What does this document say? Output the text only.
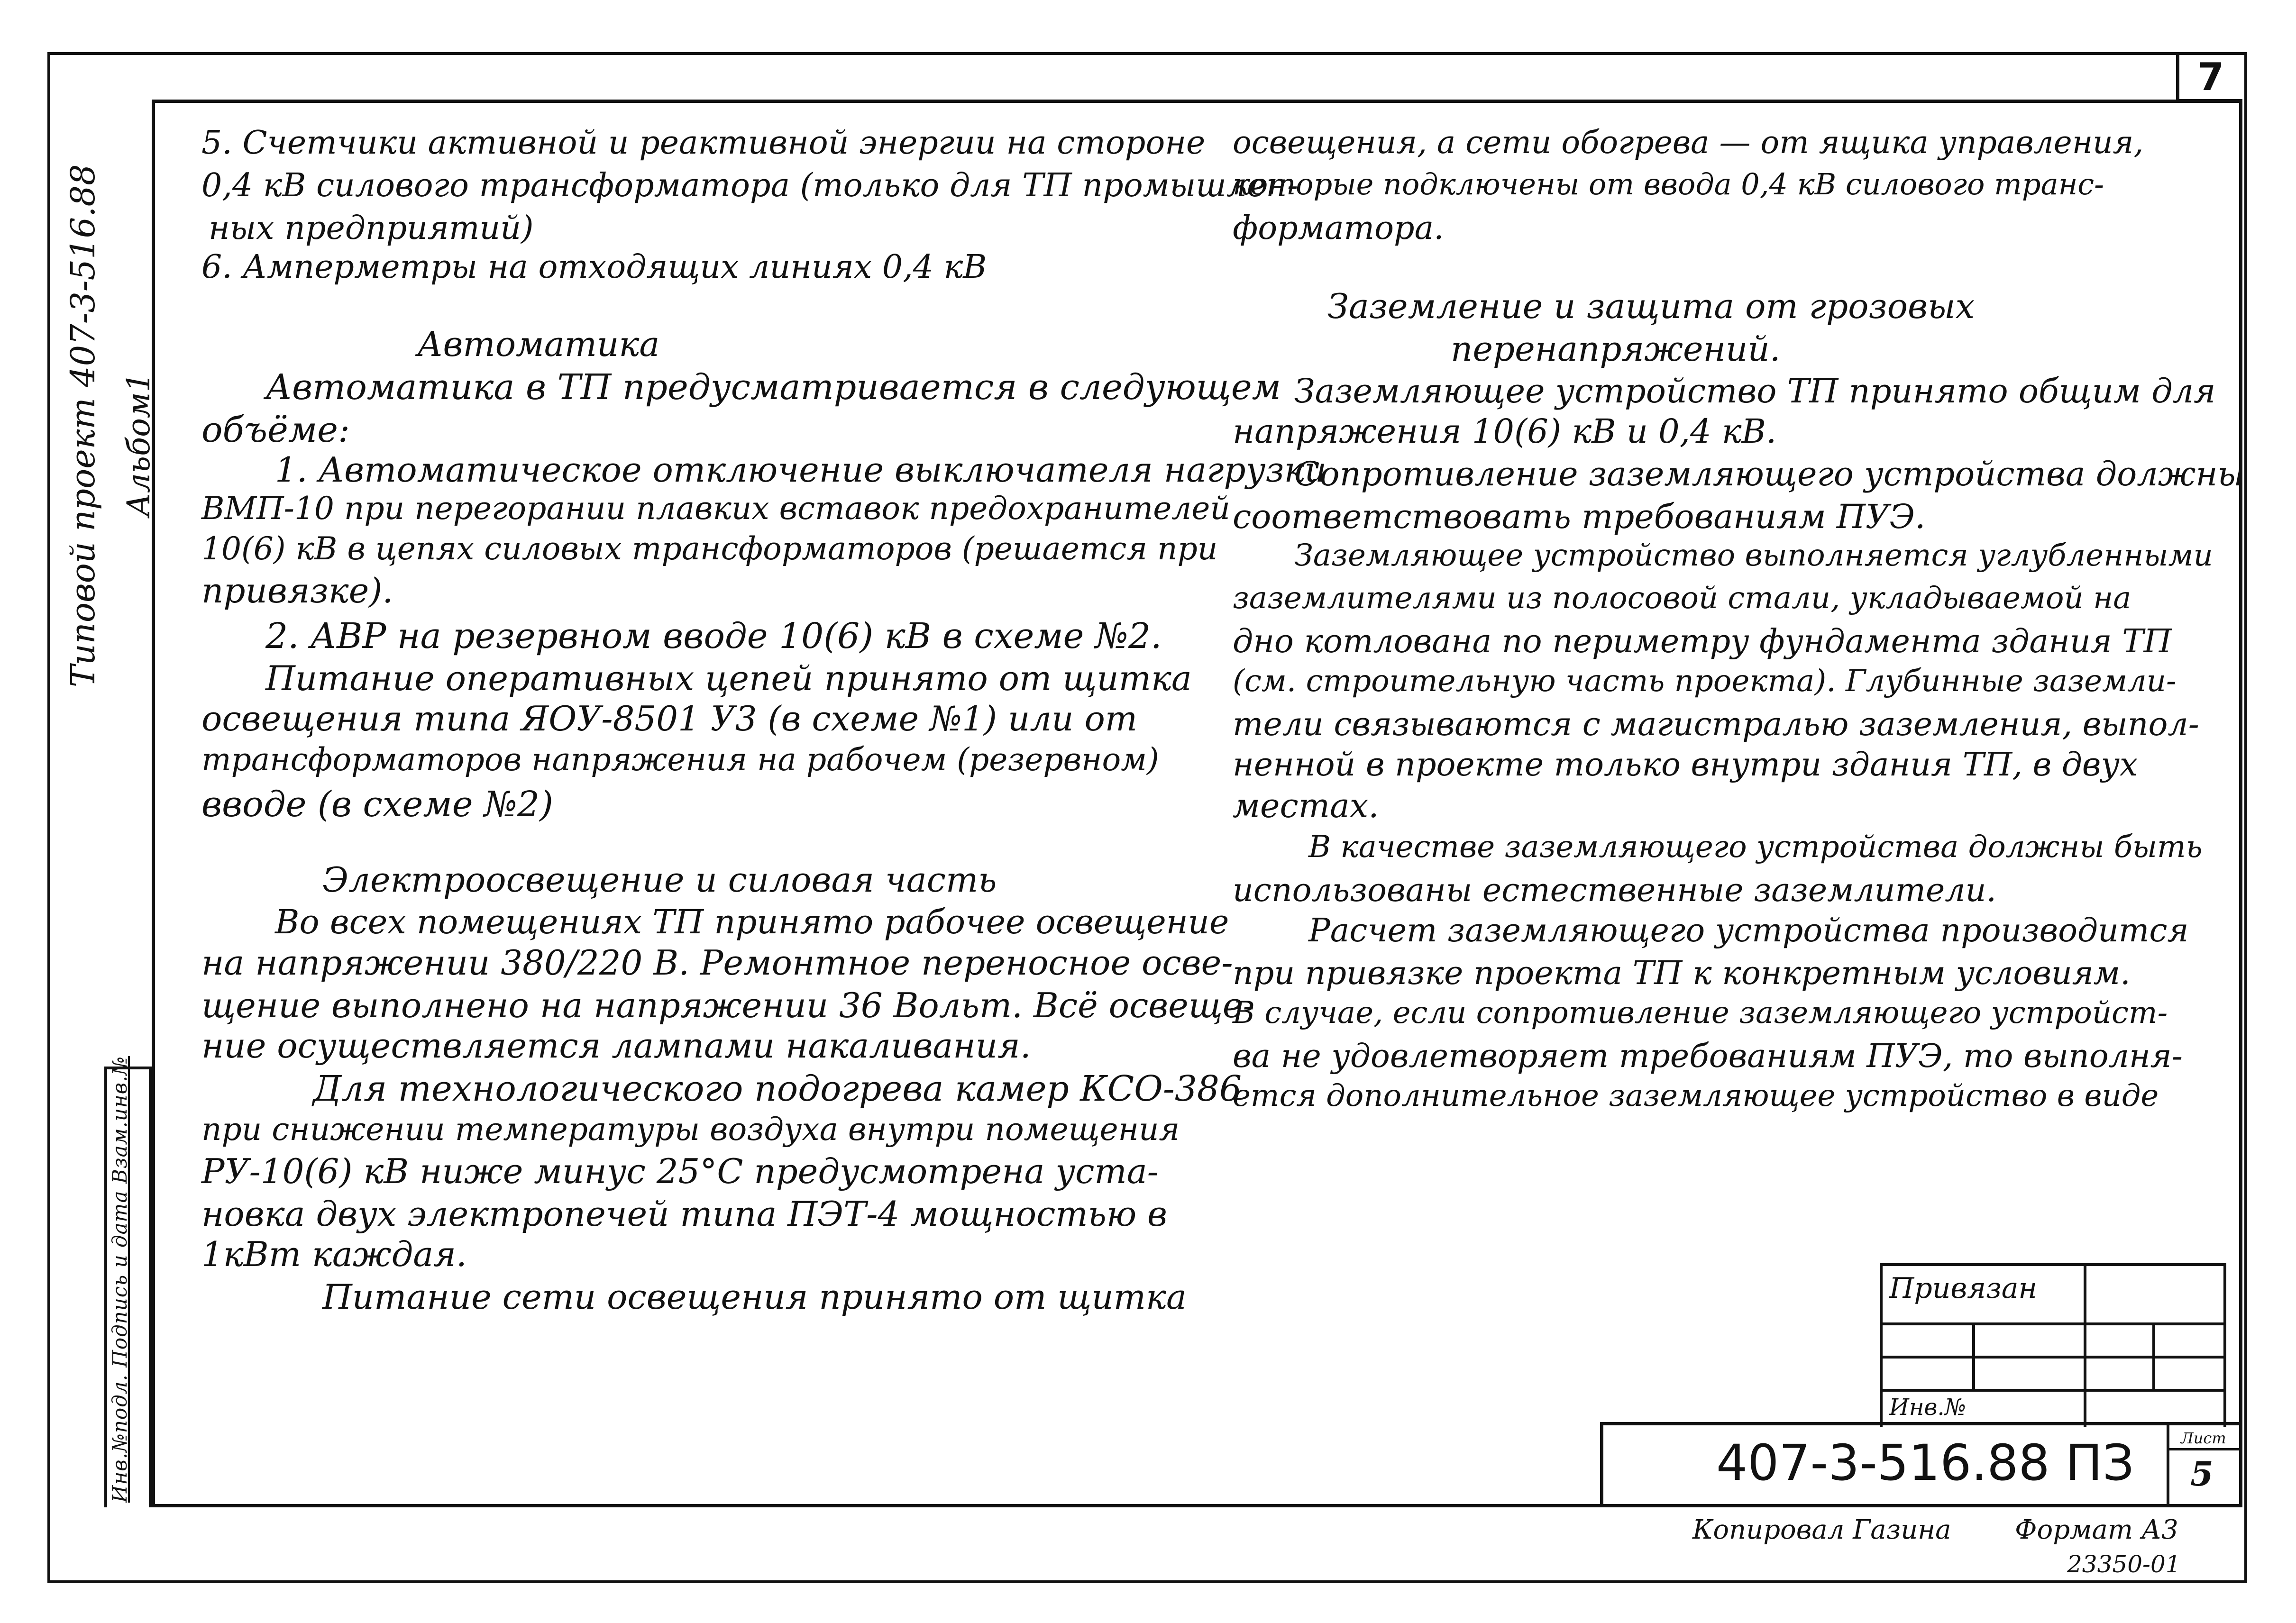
7
Типовой проект 407-3-516.88 Альбом1
Инв.№подл. Подпись и дата Взам.инв.№
5. Счетчики активной и реактивной энергии на стороне
0,4 кВ силового трансформатора (только для ТП промышлен-
ных предприятий)
6. Амперметры на отходящих линиях 0,4 кВ
Автоматика
Автоматика в ТП предусматривается в следующем
объёме:
1. Автоматическое отключение выключателя нагрузки
ВМП-10 при перегорании плавких вставок предохранителей
10(6) кВ в цепях силовых трансформаторов (решается при
привязке).
2. АВР на резервном вводе 10(6) кВ в схеме №2.
Питание оперативных цепей принято от щитка
освещения типа ЯОУ-8501 У3 (в схеме №1) или от
трансформаторов напряжения на рабочем (резервном)
вводе (в схеме №2)
Электроосвещение и силовая часть
Во всех помещениях ТП принято рабочее освещение
на напряжении 380/220 В. Ремонтное переносное осве-
щение выполнено на напряжении 36 Вольт. Всё освеще-
ние осуществляется лампами накаливания.
Для технологического подогрева камер КСО-386
при снижении температуры воздуха внутри помещения
РУ-10(6) кВ ниже минус 25°С предусмотрена уста-
новка двух электропечей типа ПЭТ-4 мощностью в
1кВт каждая.
Питание сети освещения принято от щитка
освещения, а сети обогрева — от ящика управления,
которые подключены от ввода 0,4 кВ силового транс-
форматора.
Заземление и защита от грозовых
перенапряжений.
Заземляющее устройство ТП принято общим для
напряжения 10(6) кВ и 0,4 кВ.
Сопротивление заземляющего устройства должны
соответствовать требованиям ПУЭ.
Заземляющее устройство выполняется углубленными
заземлителями из полосовой стали, укладываемой на
дно котлована по периметру фундамента здания ТП
(см. строительную часть проекта). Глубинные заземли-
тели связываются с магистралью заземления, выпол-
ненной в проекте только внутри здания ТП, в двух
местах.
В качестве заземляющего устройства должны быть
использованы естественные заземлители.
Расчет заземляющего устройства производится
при привязке проекта ТП к конкретным условиям.
В случае, если сопротивление заземляющего устройст-
ва не удовлетворяет требованиям ПУЭ, то выполня-
ется дополнительное заземляющее устройство в виде
Привязан
Инв.№
407-3-516.88 ПЗ	Лист
5
Копировал Газина Формат А3
23350-01
